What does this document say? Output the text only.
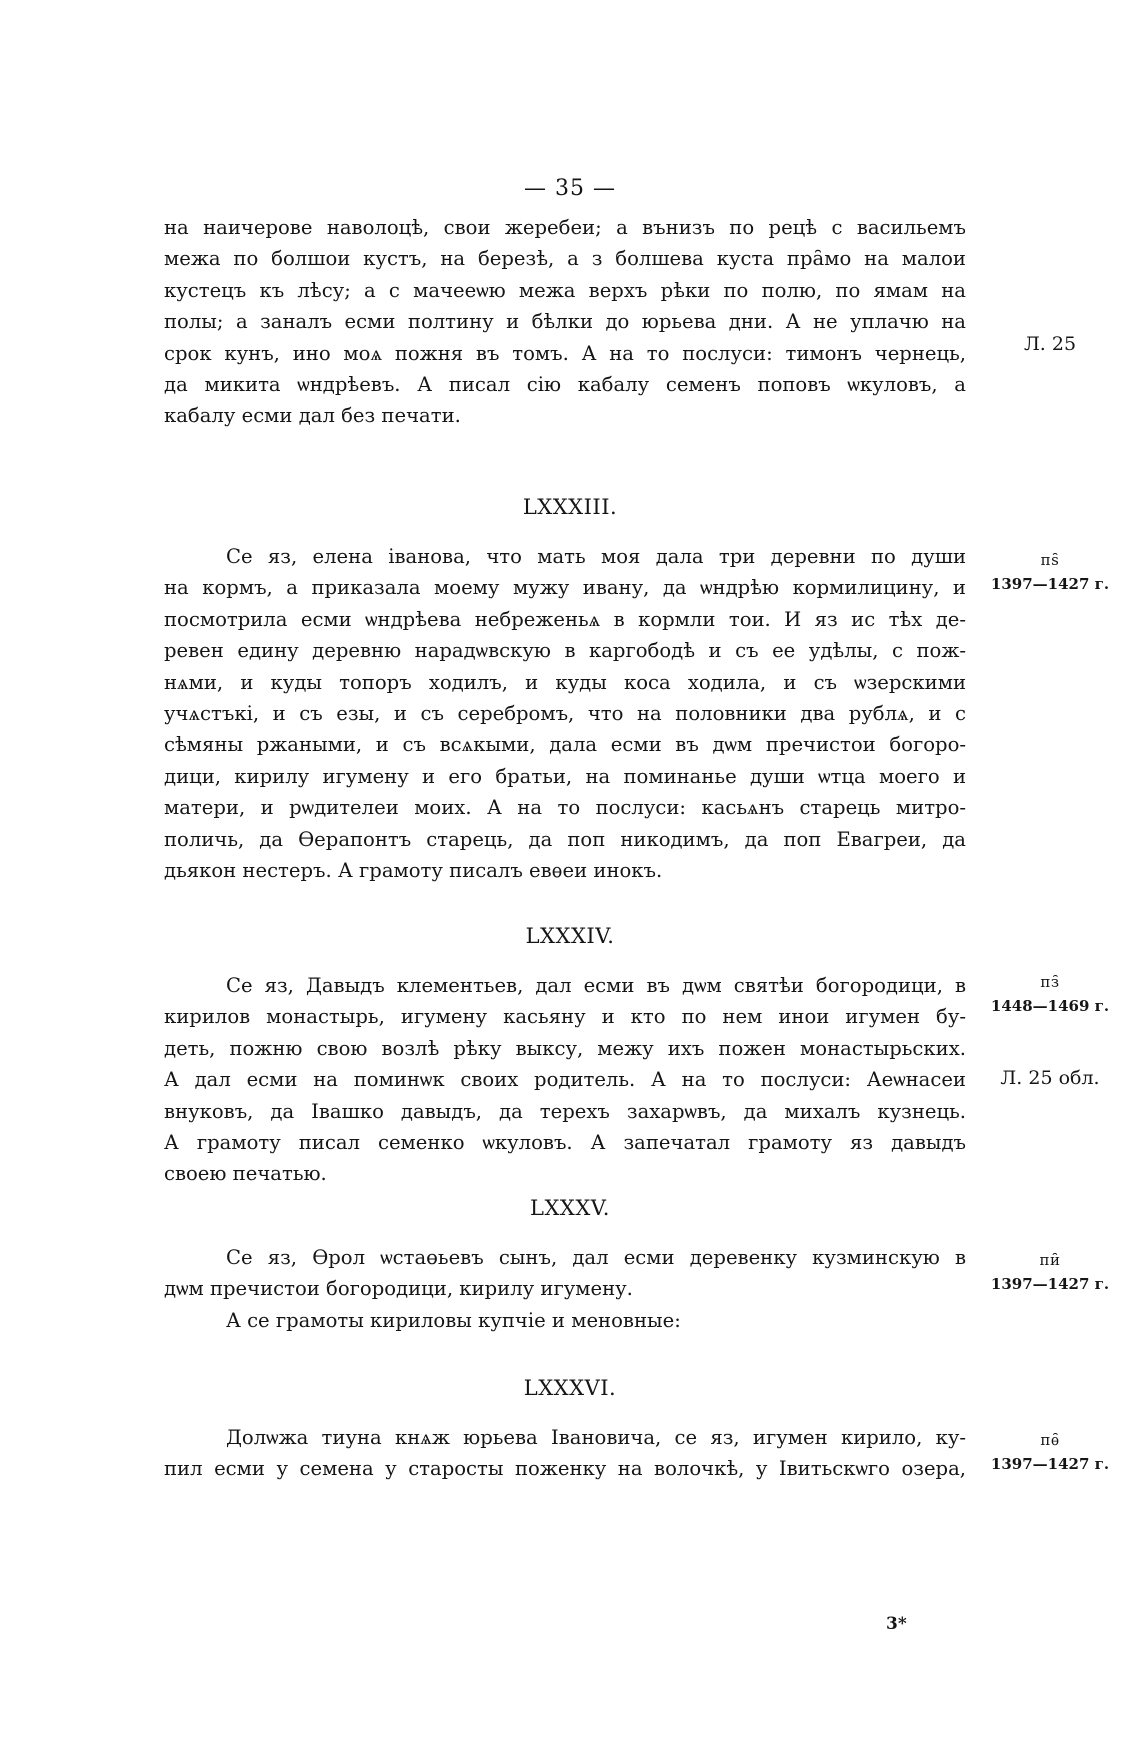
— 35 —
на наичерове наволоцѣ, свои жеребеи; а вънизъ по рецѣ с васильемъ
межа по болшои кустъ, на березѣ, а з болшева куста пра̑мо на малои
кустецъ къ лѣсу; а с мачееѡю межа верхъ рѣки по полю, по ямам на
полы; а заналъ есми полтину и бѣлки до юрьева дни. А не уплачю на
срок кунъ, ино моѧ пожня въ томъ. А на то послуси: тимонъ чернець,
да микита ѡндрѣевъ. А писал сію кабалу семенъ поповъ ѡкуловъ, а
кабалу есми дал без печати.
Л. 25
LXXXIII.
пѕ̑
1397—1427 г.
Се яз, елена іванова, что мать моя дала три деревни по души
на кормъ, а приказала моему мужу ивану, да ѡндрѣю кормилицину, и
посмотрила есми ѡндрѣева небреженьѧ в кормли тои. И яз ис тѣх де-
ревен едину деревню нарадѡвскую в каргободѣ и съ ее удѣлы, с пож-
нѧми, и куды топоръ ходилъ, и куды коса ходила, и съ ѡзерскими
учѧстъкі, и съ езы, и съ серебромъ, что на половники два рублѧ, и с
сѣмяны ржаными, и съ всѧкыми, дала есми въ дѡм пречистои богоро-
дици, кирилу игумену и его братьи, на поминанье души ѡтца моего и
матери, и рѡдителеи моих. А на то послуси: касьѧнъ старець митро-
поличь, да Өерапонтъ старець, да поп никодимъ, да поп Евагреи, да
дьякон нестеръ. А грамоту писалъ евѳеи инокъ.
LXXXIV.
пз̑
1448—1469 г.
Л. 25 обл.
Се яз, Давыдъ клементьев, дал есми въ дѡм святѣи богородици, в
кирилов монастырь, игумену касьяну и кто по нем инои игумен бу-
деть, пожню свою возлѣ рѣку выксу, межу ихъ пожен монастырьских.
А дал есми на поминѡк своих родитель. А на то послуси: Аеѡнасеи
внуковъ, да Івашко давыдъ, да терехъ захарѡвъ, да михалъ кузнець.
А грамоту писал семенко ѡкуловъ. А запечатал грамоту яз давыдъ
своею печатью.
LXXXV.
пи̑
1397—1427 г.
Се яз, Өрол ѡстаөьевъ сынъ, дал есми деревенку кузминскую в
дѡм пречистои богородици, кирилу игумену.
А се грамоты кириловы купчіе и меновные:
LXXXVI.
пѳ̑
1397—1427 г.
Долѡжа тиуна кнѧж юрьева Івановича, се яз, игумен кирило, ку-
пил есми у семена у старосты поженку на волочкѣ, у Івитьскѡго озера,
3*
